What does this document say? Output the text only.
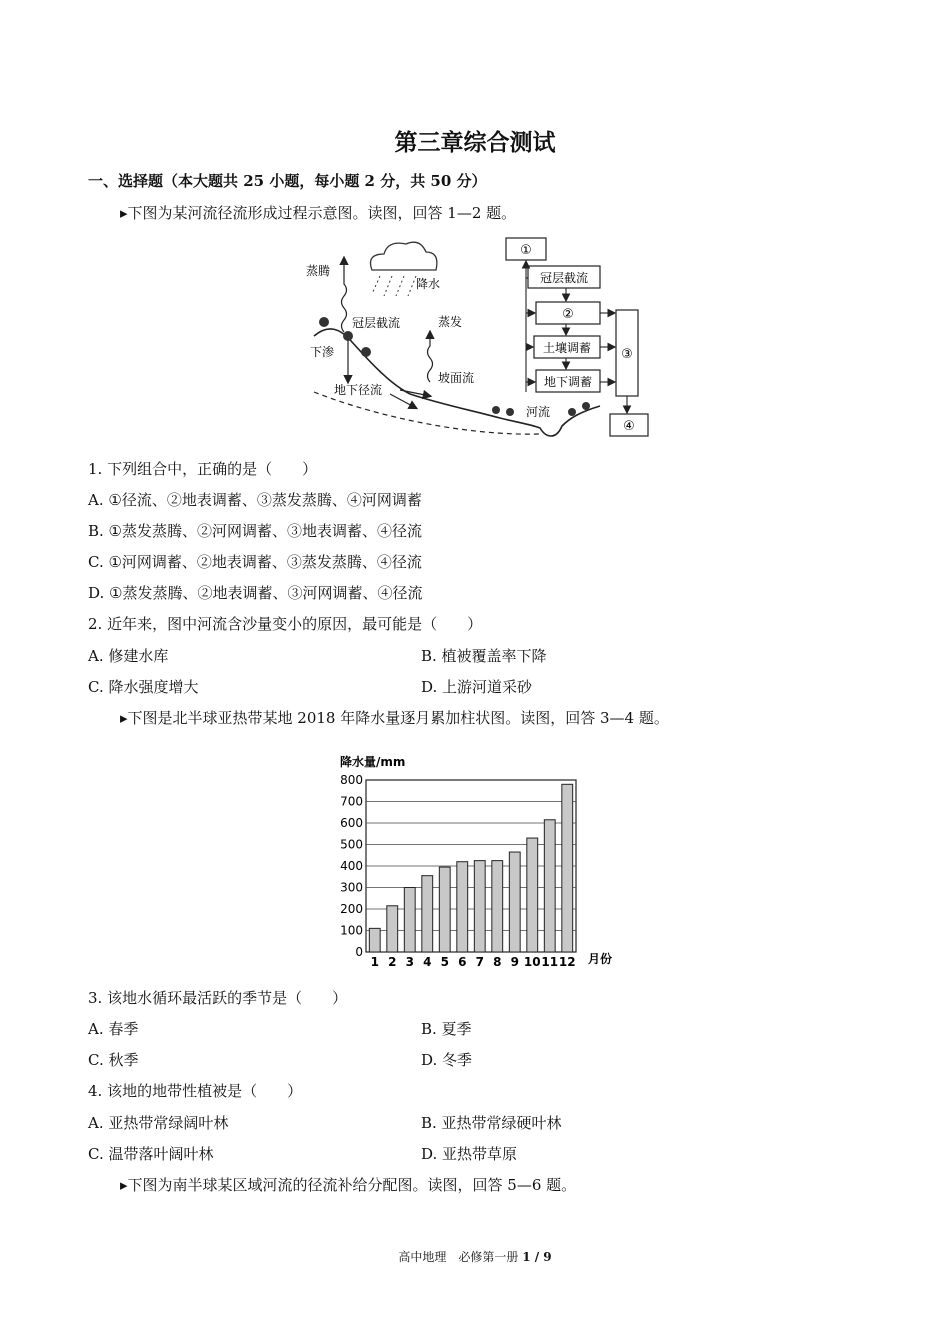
第三章综合测试
一、选择题（本大题共 25 小题，每小题 2 分，共 50 分）
▸下图为某河流径流形成过程示意图。读图，回答 1—2 题。
蒸腾
降水
冠层截流	蒸发
下渗
坡面流
地下径流
河流
①
冠层截流
②
土壤调蓄
地下调蓄
③
④
1. 下列组合中，正确的是（　　）
A. ①径流、②地表调蓄、③蒸发蒸腾、④河网调蓄
B. ①蒸发蒸腾、②河网调蓄、③地表调蓄、④径流
C. ①河网调蓄、②地表调蓄、③蒸发蒸腾、④径流
D. ①蒸发蒸腾、②地表调蓄、③河网调蓄、④径流
2. 近年来，图中河流含沙量变小的原因，最可能是（　　）
A. 修建水库	B. 植被覆盖率下降
C. 降水强度增大	D. 上游河道采砂
▸下图是北半球亚热带某地 2018 年降水量逐月累加柱状图。读图，回答 3—4 题。
降水量/mm
0
100
200
300
400
500
600
700
800
1 2 3 4 5 6 7 8 9 10 11 12 月份
3. 该地水循环最活跃的季节是（　　）
A. 春季	B. 夏季
C. 秋季	D. 冬季
4. 该地的地带性植被是（　　）
A. 亚热带常绿阔叶林	B. 亚热带常绿硬叶林
C. 温带落叶阔叶林	D. 亚热带草原
▸下图为南半球某区域河流的径流补给分配图。读图，回答 5—6 题。
高中地理　必修第一册 1 / 9
